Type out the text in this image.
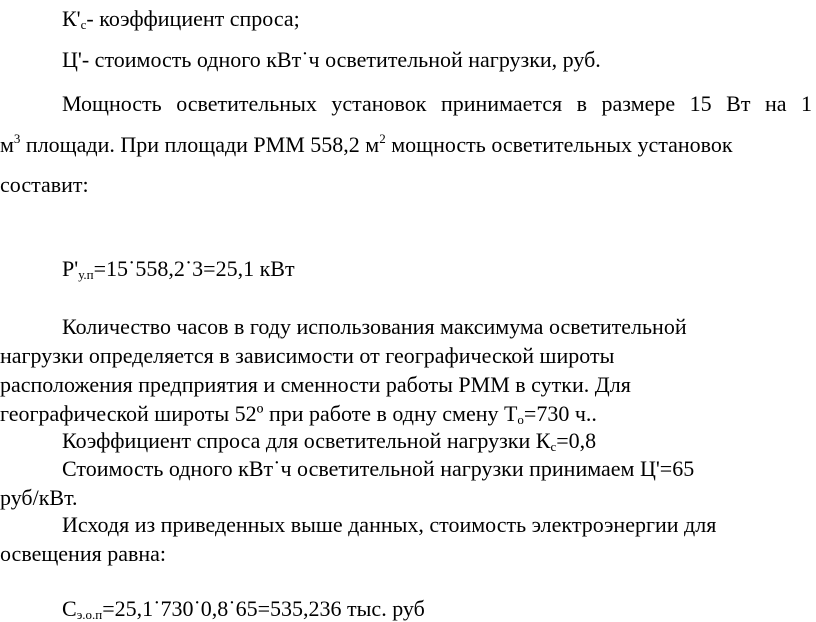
$К'_с-$ коэффициент спроса;
Ц'- стоимость одного кВт˙ч осветительной нагрузки, руб.
Мощность осветительных установок принимается в размере 15 Вт на 1
$м^3$ площади. При площади РММ 558,2 $м^2$ мощность осветительных установок
составит:
$Р'_{у.п}=15˙558,2˙3=25,1$ кВт
Количество часов в году использования максимума осветительной
нагрузки определяется в зависимости от географической широты
расположения предприятия и сменности работы РММ в сутки. Для
географической широты 52º при работе в одну смену $Т_о=730$ ч..
Коэффициент спроса для осветительной нагрузки $К_с=0,8$
Стоимость одного кВт˙ч осветительной нагрузки принимаем Ц'=65
руб/кВт.
Исходя из приведенных выше данных, стоимость электроэнергии для
освещения равна:
$С_{э.о.п}=25,1˙730˙0,8˙65=535,236$ тыс. руб
